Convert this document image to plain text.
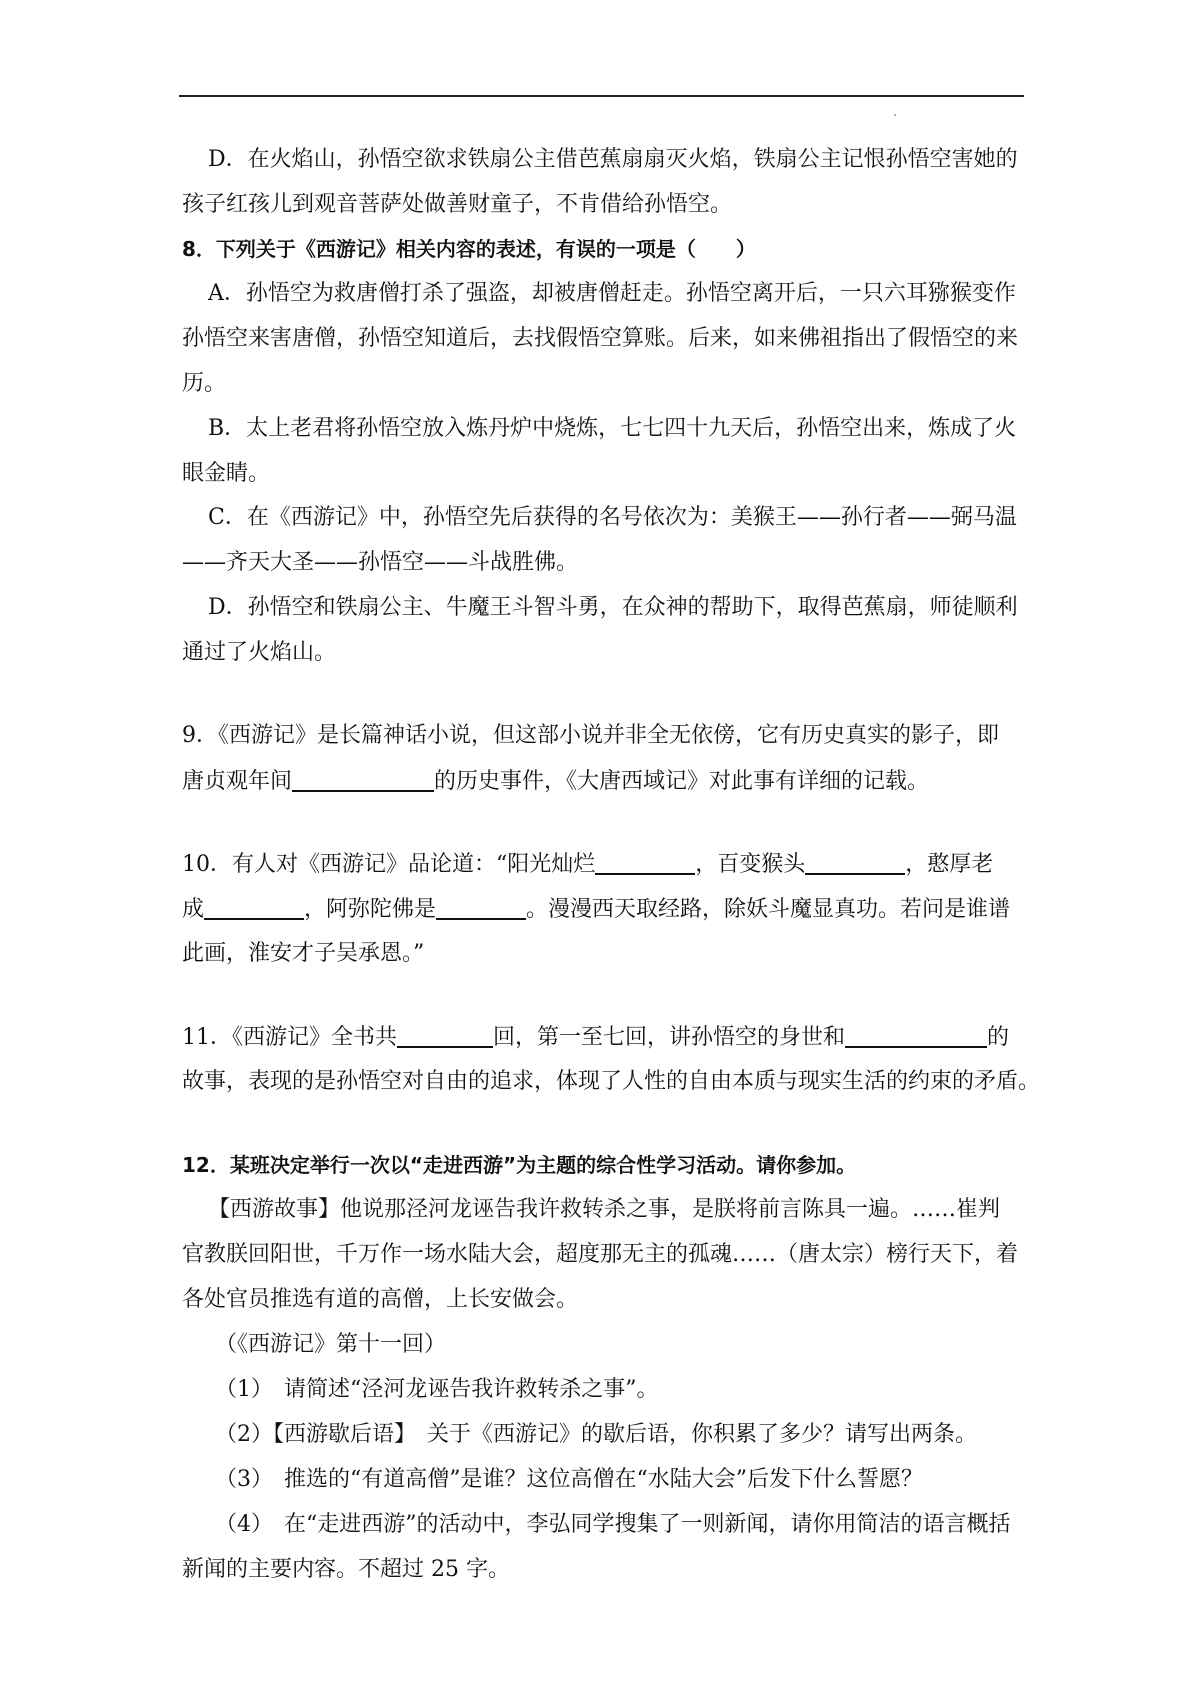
D．在火焰山，孙悟空欲求铁扇公主借芭蕉扇扇灭火焰，铁扇公主记恨孙悟空害她的
孩子红孩儿到观音菩萨处做善财童子，不肯借给孙悟空。
8．下列关于《西游记》相关内容的表述，有误的一项是（　　）
A．孙悟空为救唐僧打杀了强盗，却被唐僧赶走。孙悟空离开后，一只六耳猕猴变作
孙悟空来害唐僧，孙悟空知道后，去找假悟空算账。后来，如来佛祖指出了假悟空的来
历。
B．太上老君将孙悟空放入炼丹炉中烧炼，七七四十九天后，孙悟空出来，炼成了火
眼金睛。
C．在《西游记》中，孙悟空先后获得的名号依次为：美猴王——孙行者——弼马温
——齐天大圣——孙悟空——斗战胜佛。
D．孙悟空和铁扇公主、牛魔王斗智斗勇，在众神的帮助下，取得芭蕉扇，师徒顺利
通过了火焰山。
9．《西游记》是长篇神话小说，但这部小说并非全无依傍，它有历史真实的影子，即
唐贞观年间	的历史事件，《大唐西域记》对此事有详细的记载。
10．有人对《西游记》品论道：“阳光灿烂	，百变猴头	，憨厚老
成	，阿弥陀佛是	。漫漫西天取经路，除妖斗魔显真功。若问是谁谱
此画，淮安才子吴承恩。”
11．《西游记》全书共	回，第一至七回，讲孙悟空的身世和	的
故事，表现的是孙悟空对自由的追求，体现了人性的自由本质与现实生活的约束的矛盾。
12．某班决定举行一次以“走进西游”为主题的综合性学习活动。请你参加。
【西游故事】他说那泾河龙诬告我许救转杀之事，是朕将前言陈具一遍。……崔判
官教朕回阳世，千万作一场水陆大会，超度那无主的孤魂……（唐太宗）榜行天下，着
各处官员推选有道的高僧，上长安做会。
（《西游记》第十一回）
（1）　请简述“泾河龙诬告我许救转杀之事”。
（2）【西游歇后语】　关于《西游记》的歇后语，你积累了多少？请写出两条。
（3）　推选的“有道高僧”是谁？这位高僧在“水陆大会”后发下什么誓愿？
（4）　在“走进西游”的活动中，李弘同学搜集了一则新闻，请你用简洁的语言概括
新闻的主要内容。不超过 25 字。
